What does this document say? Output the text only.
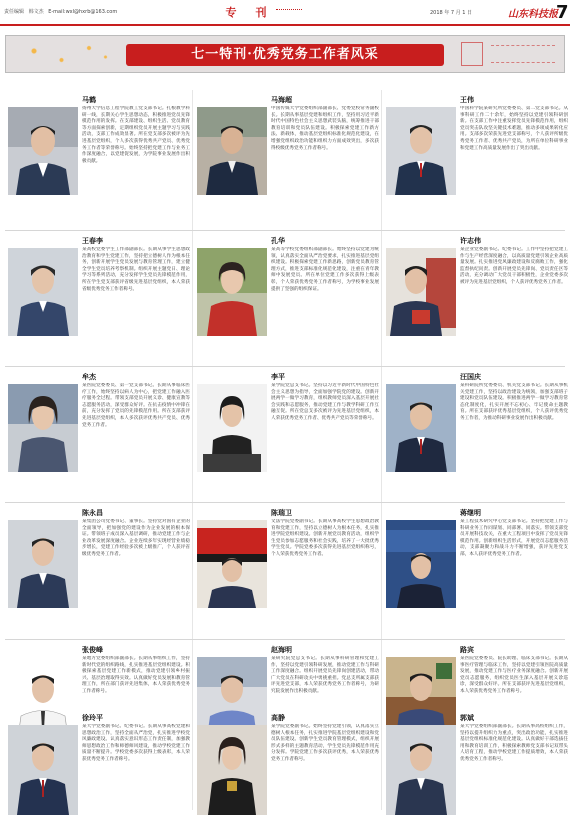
责任编辑 韩文杰 E-mail:wxl@hxrb@163.com	专　刊	2018 年 7 月 1 日	山东科技报
7
七一特刊·优秀党务工作者风采
马鹤
扬州大学信息工程学院教工党支部书记。扎根教学科研一线，长期关心学生思想动态，积极推进党员先锋模范作用的发挥。在支部建设、组织生活、党员教育等方面探索创新，定期组织党员开展主题学习与实践活动，支部工作成效显著。所在党支部多次被评为先进基层党组织，个人多次获得优秀共产党员、优秀党务工作者等荣誉称号。始终坚持把党建工作与业务工作深度融合，以党建促发展，为学院事业发展作出积极贡献。
马海超
中国传媒大学党委组织部副部长、党委党校常务副校长。长期从事基层党建和组织工作，坚持用习近平新时代中国特色社会主义思想武装头脑，统筹推进干部教育培训和党员队伍建设。积极探索党建工作新方法、新载体，推动基层党组织标准化规范化建设，在增强党组织政治功能和组织力方面成效突出，多次获得校级优秀党务工作者称号。
王伟
中国科学院某研究所党委委员、第二党支部书记。从事科研工作二十余年，始终坚持以党建引领科研创新。在支部工作中注重发挥党员先锋模范作用，组织党员突击队攻坚关键技术难题，推动多项成果转化应用。支部多次荣获先进党支部称号，个人获评所级优秀党务工作者、优秀共产党员，为所在单位科研事业和党建工作高质量发展作出了突出贡献。
王春李
某高校党委学生工作部副部长。长期从事学生思想政治教育和学生党建工作，坚持把立德树人作为根本任务，创新开展学生党员发展与教育管理工作，建立健全学生党员培养考察机制。组织开展主题党日、理论学习等系列活动，充分发挥学生党员先锋模范作用，所在学生党支部获评省级先进基层党组织，本人荣获省级优秀党务工作者称号。
孔华
某高等学校党委组织部副部长。始终坚持以党建为统领，认真落实全面从严治党要求，扎实推进基层党组织建设。积极探索党建工作新思路，创新党员教育管理方式，推进支部标准化规范化建设，注重在青年教师中发展党员。所在单位党建工作多次获得上级表彰，个人荣获优秀党务工作者称号，为学校事业发展提供了坚强的组织保证。
许志伟
某企业党委副书记、纪委书记。工作中坚持把党建工作与生产经营深度融合，以高质量党建引领企业高质量发展。扎实推进党风廉政建设和反腐败工作，强化监督执纪问责。创新开展党员先锋岗、党员责任区等活动，充分调动广大党员干部积极性，企业党委多次被评为先进基层党组织，个人获评优秀党务工作者。
牟杰
某医院党委委员、第一党支部书记。长期从事临床医疗工作，始终坚持以病人为中心，把党建工作融入医疗服务全过程。带领支部党员开展义诊、健康宣教等志愿服务活动，深受群众好评。在抗击疫情中冲锋在前，充分发挥了党员的先锋模范作用。所在支部获评先进基层党组织，本人多次获评优秀共产党员、优秀党务工作者。
李平
某学院党总支书记。坚持以习近平新时代中国特色社会主义思想为指导，全面加强学院党的建设。创新开展两学一做学习教育，组织教师党员深入基层开展社会实践和志愿服务，推动党建工作与教学科研工作互融互促。所在党总支多次被评为先进基层党组织，本人荣获优秀党务工作者、优秀共产党员等荣誉称号。
汪国庆
某科研院所党委委员、机关党支部书记。长期从事机关党建工作，坚持以政治建设为统领，加强支部班子建设和党员队伍建设。积极推进两学一做学习教育常态化制度化，扎实开展不忘初心、牢记使命主题教育。所在支部获评优秀基层党组织，个人获评优秀党务工作者，为推动科研事业发展作出积极贡献。
陈永昌
某集团公司党委书记、董事长。坚持党对国有企业的全面领导，把加强党的建设作为企业发展的根本保证。带领班子成员深入基层调研，推动党建工作与企业改革发展深度融合。企业连续多年实现经营业绩稳步增长，党建工作经验多次被上级推广，个人获评省级优秀党务工作者。
陈瑞卫
文法学院党委副书记。长期从事高校学生思想政治教育和党建工作，坚持以立德树人为根本任务，扎实推进学院党组织建设。创新开展党员教育活动，组织学生党员参加志愿服务和社会实践，培养了一大批优秀学生党员。学院党委多次获得先进基层党组织称号，个人荣获优秀党务工作者。
蒋继明
某工程技术研究中心党支部书记。坚持把党建工作与科研业务工作同谋划、同部署、同落实。带领支部党员开展科技攻关，在重大工程项目中发挥了党员先锋模范作用。创新组织生活形式，开展党员志愿服务活动，支部凝聚力和战斗力不断增强，获评先进党支部，本人获评优秀党务工作者。
张俊峰
某地方党委组织部副部长。长期从事组织工作，坚持新时代党的组织路线，扎实推进基层党组织建设。积极探索基层党建工作新模式，推动党建引领乡村振兴、基层治理取得实效。认真做好党员发展和教育管理工作，所在部门获评先进集体，本人荣获优秀党务工作者称号。
赵海明
某研究院党总支书记。长期从事科研管理和党建工作，坚持以党建引领科研发展，推动党建工作与科研工作深度融合。组织开展党员先锋岗创建活动，带动广大党员在科研攻关中勇挑重担。党总支所属支部获评先进党支部，本人荣获优秀党务工作者称号，为研究院发展作出积极贡献。
路宾
某医院党委委员、院长助理、临床支部书记。长期从事医疗管理与临床工作，坚持以党建引领医院高质量发展，推动党建工作与医疗业务深度融合。创新开展党员志愿服务，组织党员医生深入基层开展义诊巡诊，深受群众好评。所在支部获评先进基层党组织，本人荣获优秀党务工作者称号。
徐玲平
某大学党委副书记、纪委书记。长期从事高校党建和思想政治工作，坚持全面从严治党，扎实推进学校党风廉政建设。认真落实意识形态工作责任制，加强教师思想政治工作和师德师风建设，推动学校党建工作质量不断提升。学校党委多次获得上级表彰，本人荣获优秀党务工作者称号。
高静
某学院党委副书记。始终坚持党建引领，认真落实立德树人根本任务，扎实推进学院基层党组织建设和党员队伍建设。创新学生党员教育管理模式，组织开展形式多样的主题教育活动，学生党员先锋模范作用充分发挥。学院党建工作多次获评优秀，本人荣获优秀党务工作者称号。
郭斌
某大学党委组织部副部长。长期从事高校组织工作，坚持以提升组织力为重点，突出政治功能，扎实推进基层党组织标准化规范化建设。认真做好干部选拔任用和教育培训工作，积极探索教师党支部书记双带头人培育工程，推动学校党建工作提质增效，本人荣获优秀党务工作者称号。
